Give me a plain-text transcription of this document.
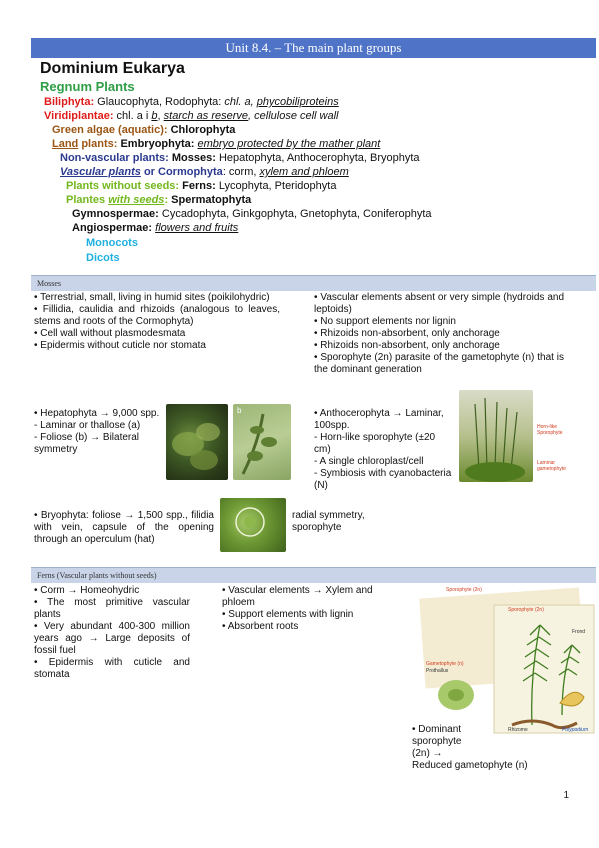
Unit 8.4. – The main plant groups
Dominium Eukarya
Regnum Plants
Biliphyta: Glaucophyta, Rodophyta: chl. a, phycobiliproteins
Viridiplantae: chl. a i b, starch as reserve, cellulose cell wall
Green algae (aquatic): Chlorophyta
Land plants: Embryophyta: embryo protected by the mather plant
Non-vascular plants: Mosses: Hepatophyta, Anthocerophyta, Bryophyta
Vascular plants or Cormophyta: corm, xylem and phloem
Plants without seeds: Ferns: Lycophyta, Pteridophyta
Plantes with seeds: Spermatophyta
Gymnospermae: Cycadophyta, Ginkgophyta, Gnetophyta, Coniferophyta
Angiospermae: flowers and fruits
Monocots
Dicots
Mosses
• Terrestrial, small, living in humid sites (poikilohydric)
• Fillidia, caulidia and rhizoids (analogous to leaves, stems and roots of the Cormophyta)
• Cell wall without plasmodesmata
• Epidermis without cuticle nor stomata
• Vascular elements absent or very simple (hydroids and leptoids)
• No support elements nor lignin
• Rhizoids non-absorbent, only anchorage
• Rhizoids non-absorbent, only anchorage
• Sporophyte (2n) parasite of the gametophyte (n) that is the dominant generation
• Hepatophyta → 9,000 spp.
- Laminar or thallose (a)
- Foliose (b) → Bilateral symmetry
b	• Anthocerophyta → Laminar,
100spp.
- Horn-like sporophyte (±20 cm)
- A single chloroplast/cell
- Symbiosis with cyanobacteria (N)
Horn-like Sporophyte
Laminar gametophyte
• Bryophyta: foliose → 1,500 spp., filidia with vein, capsule of the opening through an operculum (hat)
radial symmetry, sporophyte
Ferns (Vascular plants without seeds)
• Corm → Homeohydric
• The most primitive vascular plants
• Very abundant 400-300 million years ago → Large deposits of fossil fuel
• Epidermis with cuticle and stomata
• Vascular elements → Xylem and phloem
• Support elements with lignin
• Absorbent roots
Sporophyte (2n)
Sporophyte (2n)
Gametophyte (n)
Prothallus
Frond
Rhizome	Polypodium
• Dominant
sporophyte
(2n) →
Reduced gametophyte (n)
1
